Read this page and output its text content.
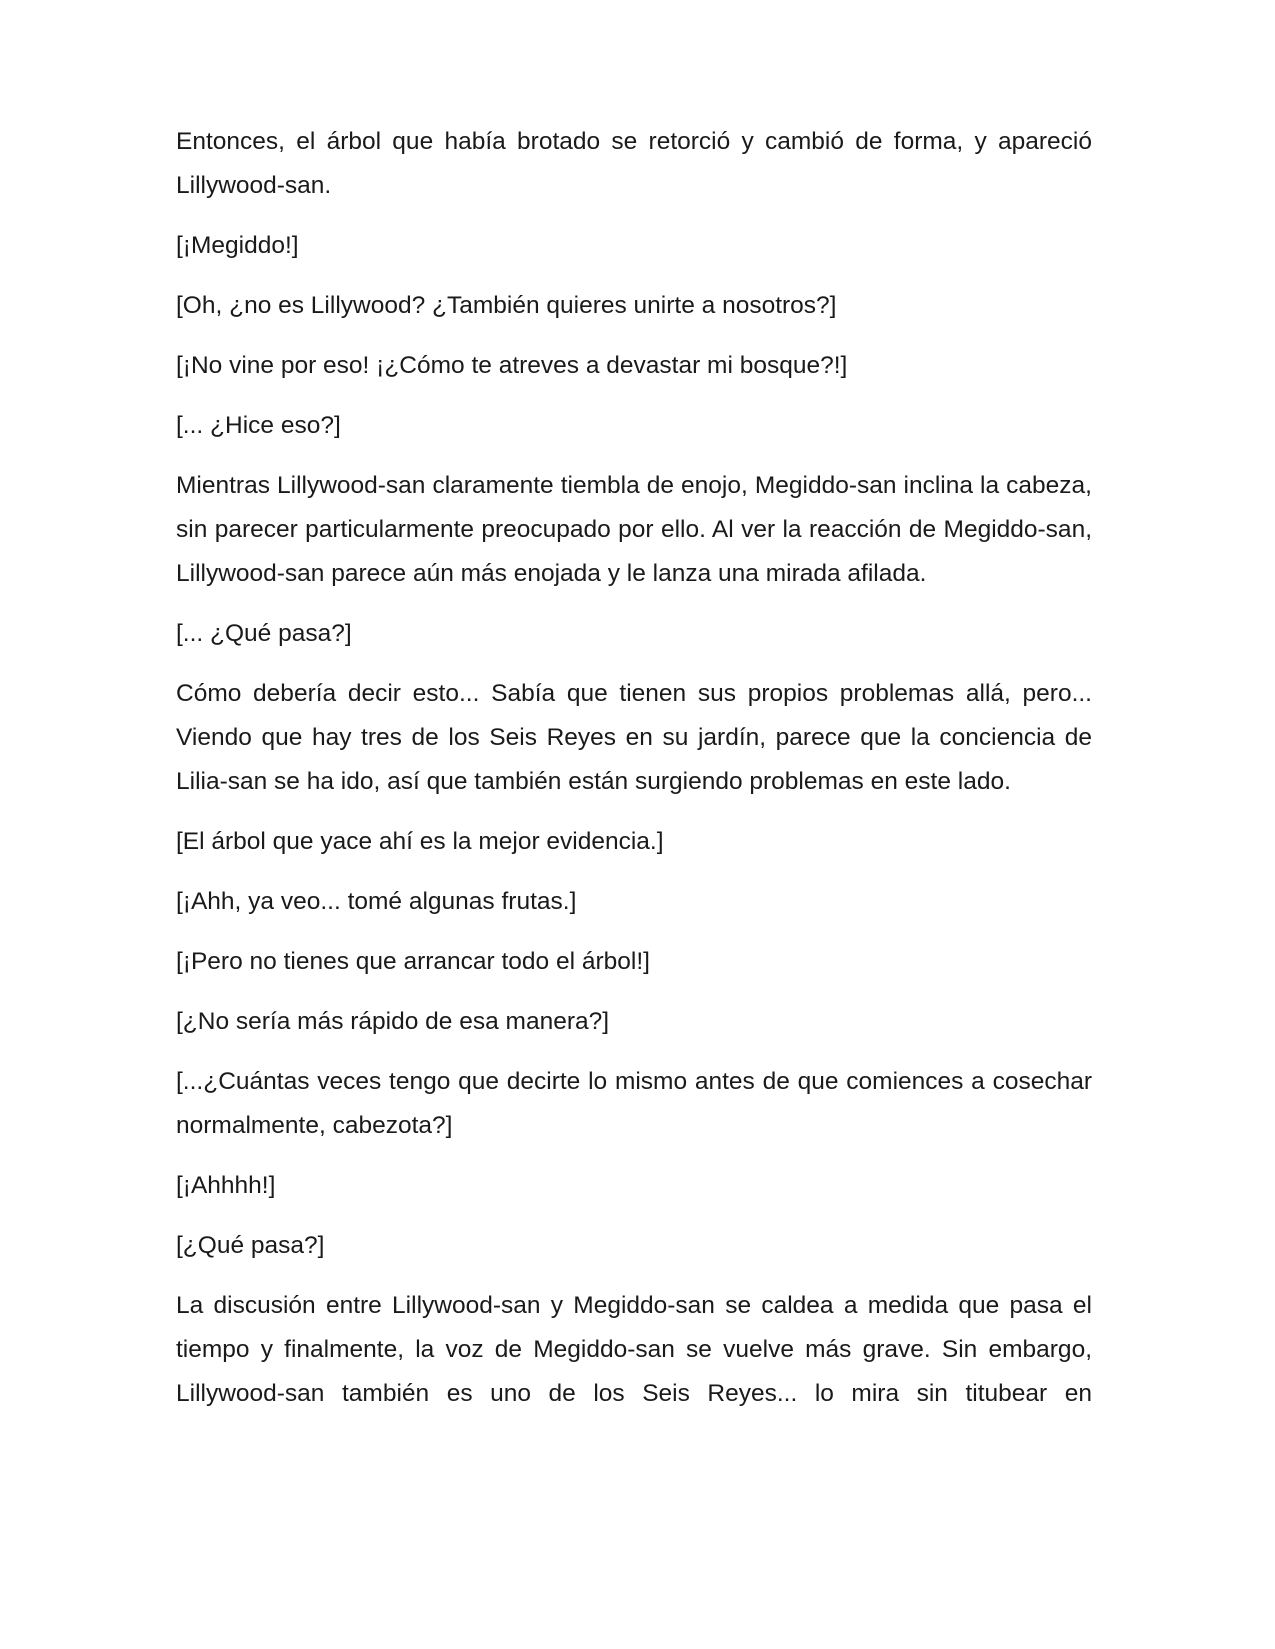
Entonces, el árbol que había brotado se retorció y cambió de forma, y apareció Lillywood-san.

[¡Megiddo!]

[Oh, ¿no es Lillywood? ¿También quieres unirte a nosotros?]

[¡No vine por eso! ¡¿Cómo te atreves a devastar mi bosque?!]

[... ¿Hice eso?]

Mientras Lillywood-san claramente tiembla de enojo, Megiddo-san inclina la cabeza, sin parecer particularmente preocupado por ello. Al ver la reacción de Megiddo-san, Lillywood-san parece aún más enojada y le lanza una mirada afilada.

[... ¿Qué pasa?]

Cómo debería decir esto... Sabía que tienen sus propios problemas allá, pero... Viendo que hay tres de los Seis Reyes en su jardín, parece que la conciencia de Lilia-san se ha ido, así que también están surgiendo problemas en este lado.

[El árbol que yace ahí es la mejor evidencia.]

[¡Ahh, ya veo... tomé algunas frutas.]

[¡Pero no tienes que arrancar todo el árbol!]

[¿No sería más rápido de esa manera?]

[...¿Cuántas veces tengo que decirte lo mismo antes de que comiences a cosechar normalmente, cabezota?]

[¡Ahhhh!]

[¿Qué pasa?]

La discusión entre Lillywood-san y Megiddo-san se caldea a medida que pasa el tiempo y finalmente, la voz de Megiddo-san se vuelve más grave. Sin embargo, Lillywood-san también es uno de los Seis Reyes... lo mira sin titubear en
